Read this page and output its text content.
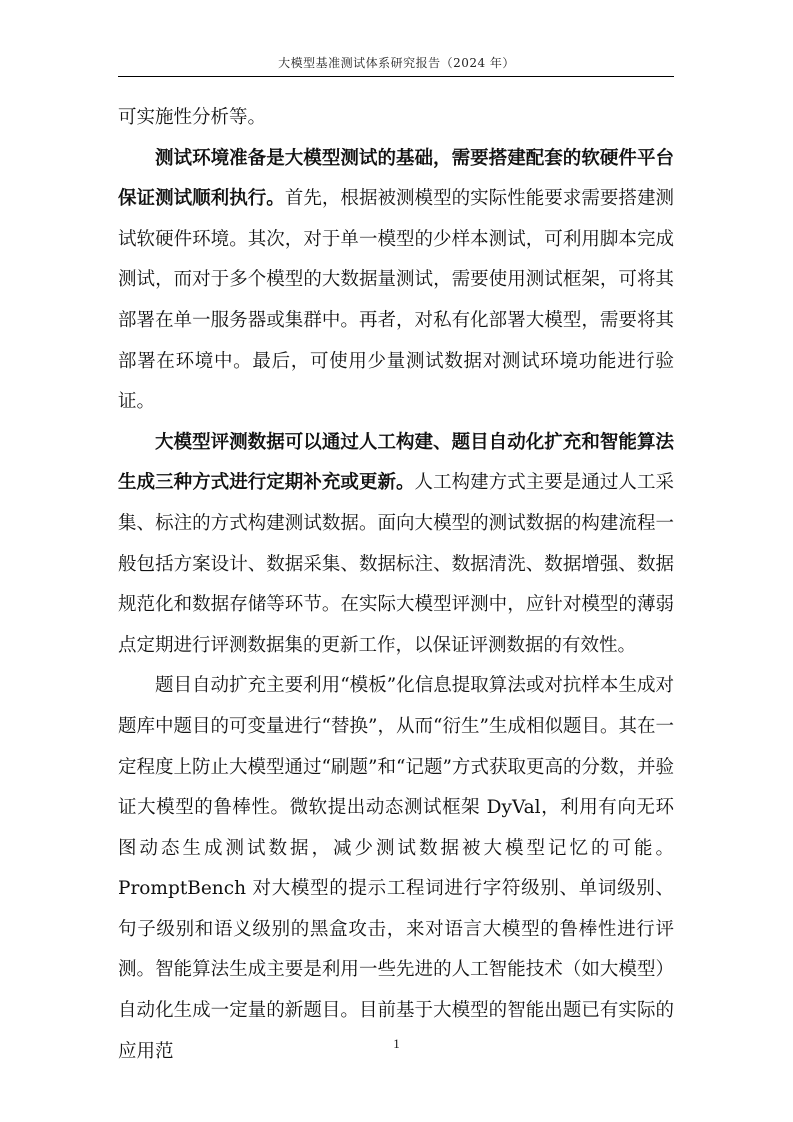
大模型基准测试体系研究报告（2024 年）

可实施性分析等。

测试环境准备是大模型测试的基础，需要搭建配套的软硬件平台保证测试顺利执行。首先，根据被测模型的实际性能要求需要搭建测试软硬件环境。其次，对于单一模型的少样本测试，可利用脚本完成测试，而对于多个模型的大数据量测试，需要使用测试框架，可将其部署在单一服务器或集群中。再者，对私有化部署大模型，需要将其部署在环境中。最后，可使用少量测试数据对测试环境功能进行验证。

大模型评测数据可以通过人工构建、题目自动化扩充和智能算法生成三种方式进行定期补充或更新。人工构建方式主要是通过人工采集、标注的方式构建测试数据。面向大模型的测试数据的构建流程一般包括方案设计、数据采集、数据标注、数据清洗、数据增强、数据规范化和数据存储等环节。在实际大模型评测中，应针对模型的薄弱点定期进行评测数据集的更新工作，以保证评测数据的有效性。

题目自动扩充主要利用“模板”化信息提取算法或对抗样本生成对题库中题目的可变量进行“替换”，从而“衍生”生成相似题目。其在一定程度上防止大模型通过“刷题”和“记题”方式获取更高的分数，并验证大模型的鲁棒性。微软提出动态测试框架 DyVal，利用有向无环图动态生成测试数据，减少测试数据被大模型记忆的可能。PromptBench 对大模型的提示工程词进行字符级别、单词级别、句子级别和语义级别的黑盒攻击，来对语言大模型的鲁棒性进行评测。智能算法生成主要是利用一些先进的人工智能技术（如大模型）自动化生成一定量的新题目。目前基于大模型的智能出题已有实际的应用范	1
